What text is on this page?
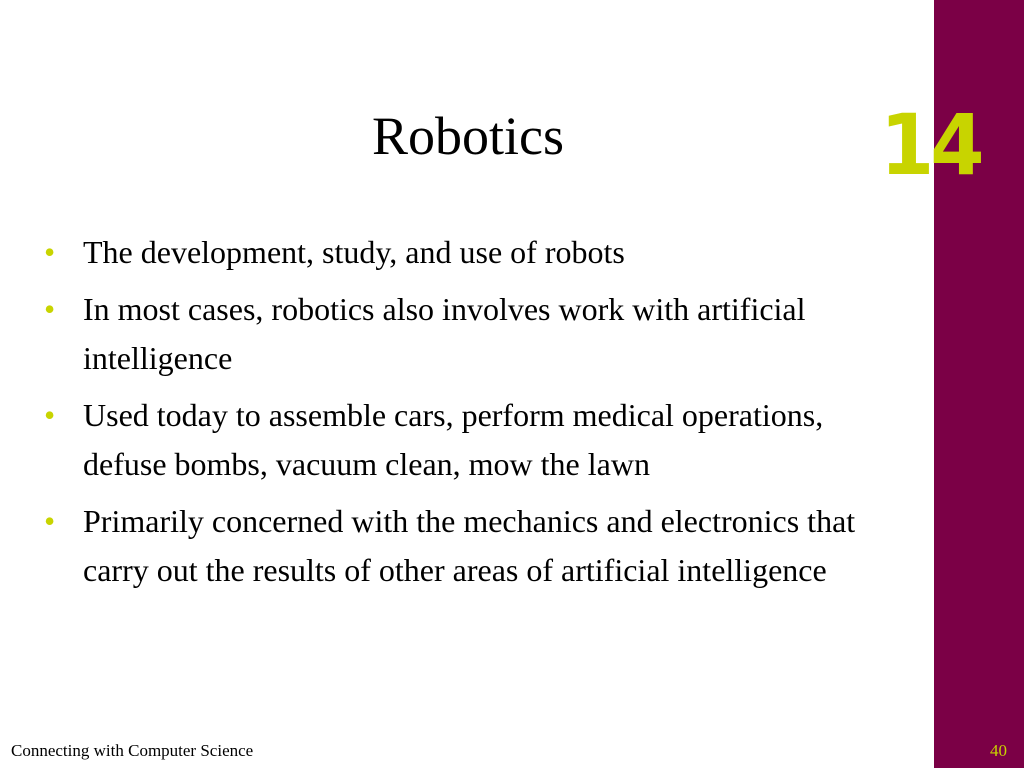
14
Robotics
• The development, study, and use of robots
• In most cases, robotics also involves work with artificial intelligence
• Used today to assemble cars, perform medical operations, defuse bombs, vacuum clean, mow the lawn
• Primarily concerned with the mechanics and electronics that carry out the results of other areas of artificial intelligence
Connecting with Computer Science	40
